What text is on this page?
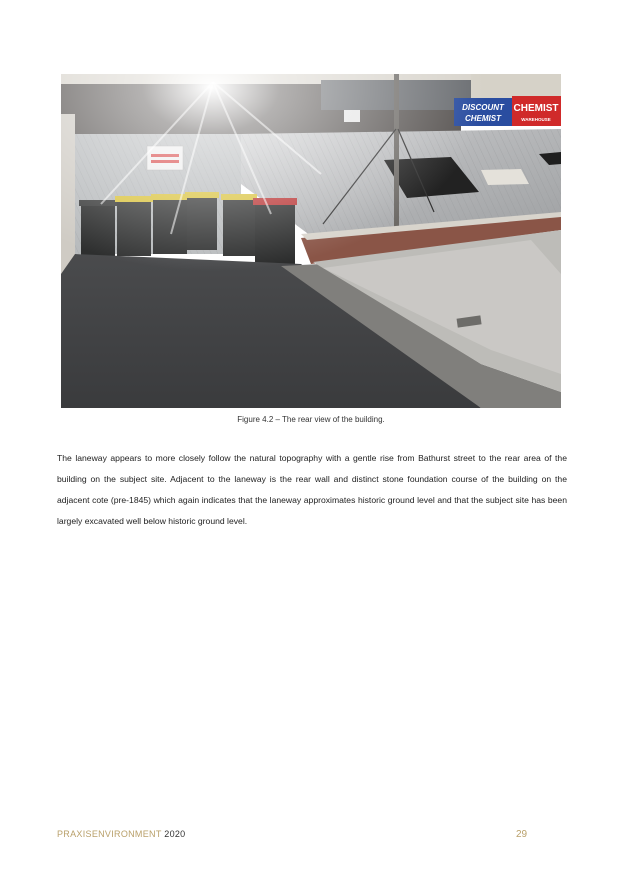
Figure 4.2 – The rear view of the building.

The laneway appears to more closely follow the natural topography with a gentle rise from Bathurst street to the rear area of the building on the subject site. Adjacent to the laneway is the rear wall and distinct stone foundation course of the building on the adjacent cote (pre-1845) which again indicates that the laneway approximates historic ground level and that the subject site has been largely excavated well below historic ground level.

PRAXISENVIRONMENT 2020	29
